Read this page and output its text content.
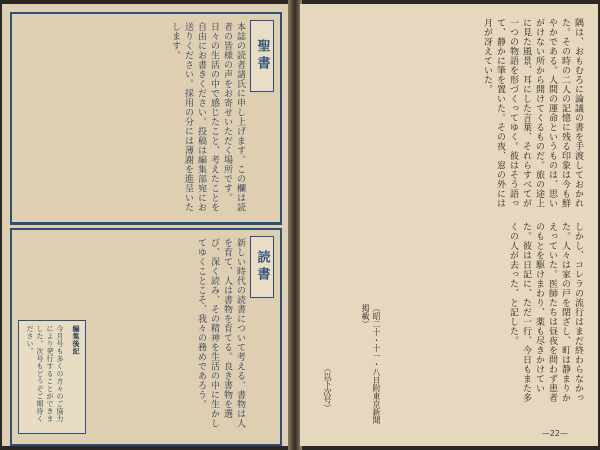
聖書
本誌の読者諸氏に申し上げます。この欄は読者の皆様の声をお寄せいただく場所です。日々の生活の中で感じたこと、考えたことを自由にお書きください。投稿は編集部宛にお送りください。採用の分には薄謝を進呈いたします。
読書
新しい時代の読書について考える。書物は人を育て、人は書物を育てる。良き書物を選び、深く読み、その精神を生活の中に生かしてゆくことこそ、我々の務めであろう。
編集後記
今月号も多くの方々のご協力により発行することができました。次号もどうぞご期待ください。
隅は、おもむろに論議の書を手渡しておかれた。その時の二人の記憶に残る印象は今も鮮やかである。人間の運命というものは、思いがけない所から開けてくるものだ。旅の途上に見た風景、耳にした言葉、それらすべてが一つの物語を形づくってゆく。彼はそう語って、静かに筆を置いた。その夜、窓の外には月が冴えていた。
しかし、コレラの流行はまだ終わらなかった。人々は家の戸を閉ざし、町は静まりかえっていた。医師たちは昼夜を問わず患者のもとを駆けまわり、薬も尽きかけていた。彼は日記に、ただ一行、今日もまた多くの人が去った、と記した。
（昭二十・十一・八日附東京新聞掲載）
（以下次号）
—22—
